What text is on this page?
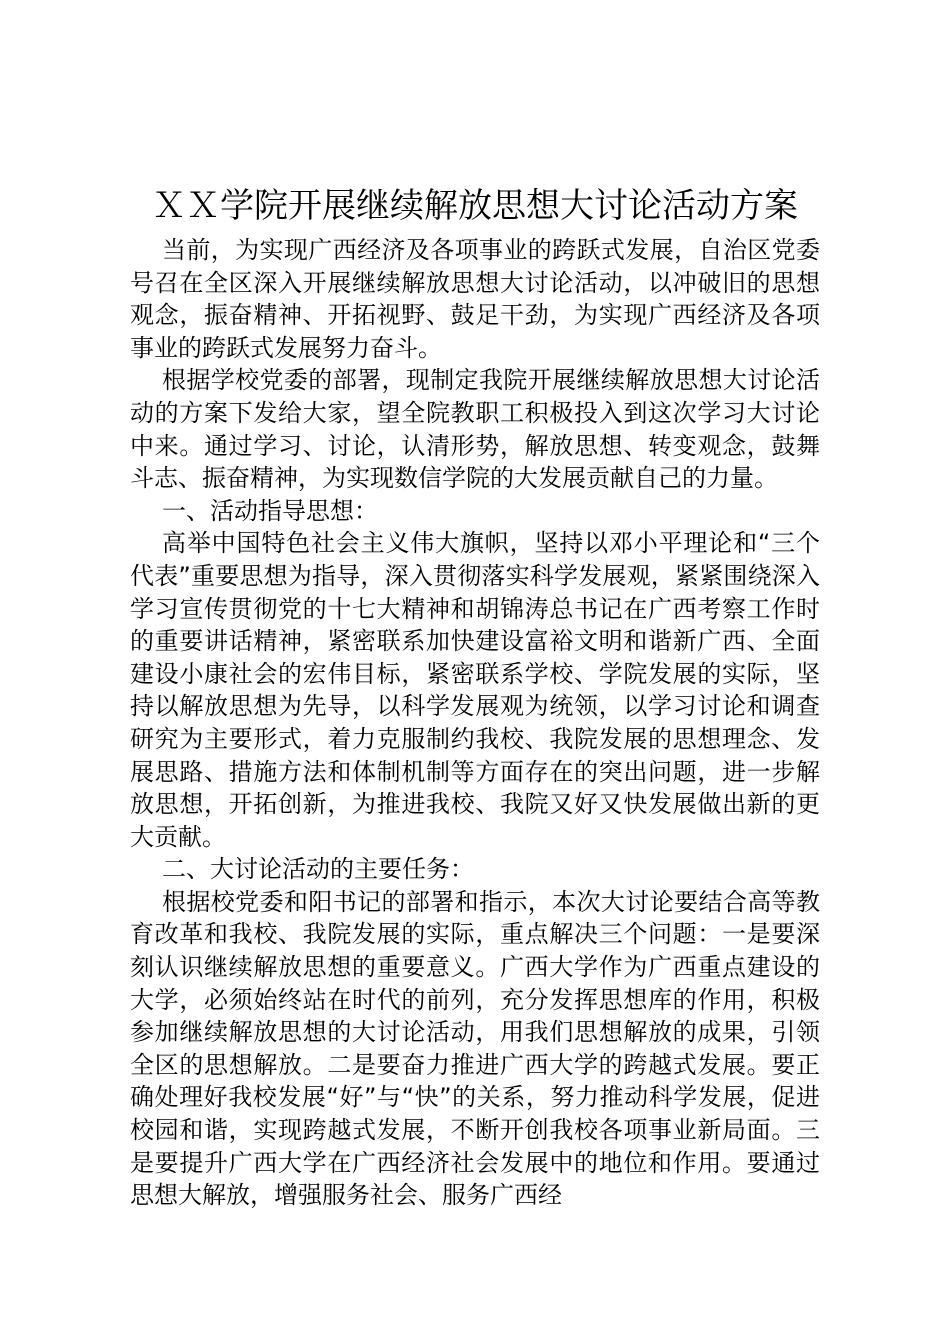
ＸＸ学院开展继续解放思想大讨论活动方案

当前，为实现广西经济及各项事业的跨跃式发展，自治区党委号召在全区深入开展继续解放思想大讨论活动，以冲破旧的思想观念，振奋精神、开拓视野、鼓足干劲，为实现广西经济及各项事业的跨跃式发展努力奋斗。

根据学校党委的部署，现制定我院开展继续解放思想大讨论活动的方案下发给大家，望全院教职工积极投入到这次学习大讨论中来。通过学习、讨论，认清形势，解放思想、转变观念，鼓舞斗志、振奋精神，为实现数信学院的大发展贡献自己的力量。

一、活动指导思想：

高举中国特色社会主义伟大旗帜，坚持以邓小平理论和“三个代表”重要思想为指导，深入贯彻落实科学发展观，紧紧围绕深入学习宣传贯彻党的十七大精神和胡锦涛总书记在广西考察工作时的重要讲话精神，紧密联系加快建设富裕文明和谐新广西、全面建设小康社会的宏伟目标，紧密联系学校、学院发展的实际，坚持以解放思想为先导，以科学发展观为统领，以学习讨论和调查研究为主要形式，着力克服制约我校、我院发展的思想理念、发展思路、措施方法和体制机制等方面存在的突出问题，进一步解放思想，开拓创新，为推进我校、我院又好又快发展做出新的更大贡献。

二、大讨论活动的主要任务：

根据校党委和阳书记的部署和指示，本次大讨论要结合高等教育改革和我校、我院发展的实际，重点解决三个问题：一是要深刻认识继续解放思想的重要意义。广西大学作为广西重点建设的大学，必须始终站在时代的前列，充分发挥思想库的作用，积极参加继续解放思想的大讨论活动，用我们思想解放的成果，引领全区的思想解放。二是要奋力推进广西大学的跨越式发展。要正确处理好我校发展“好”与“快”的关系，努力推动科学发展，促进校园和谐，实现跨越式发展，不断开创我校各项事业新局面。三是要提升广西大学在广西经济社会发展中的地位和作用。要通过思想大解放，增强服务社会、服务广西经
